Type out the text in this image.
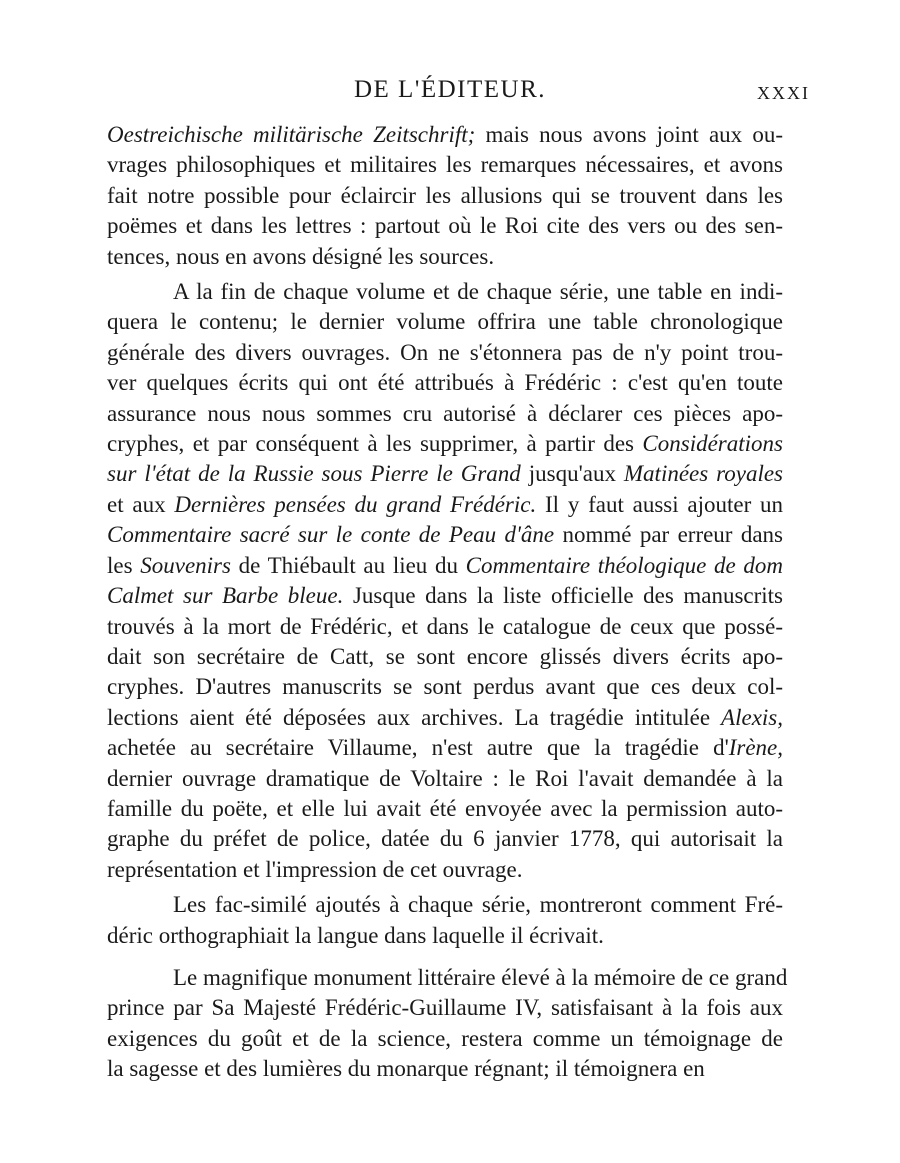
DE L'ÉDITEUR.	XXXI

Oestreichische militärische Zeitschrift; mais nous avons joint aux ou-
vrages philosophiques et militaires les remarques nécessaires, et avons
fait notre possible pour éclaircir les allusions qui se trouvent dans les
poëmes et dans les lettres : partout où le Roi cite des vers ou des sen-
tences, nous en avons désigné les sources.

A la fin de chaque volume et de chaque série, une table en indi-
quera le contenu; le dernier volume offrira une table chronologique
générale des divers ouvrages. On ne s'étonnera pas de n'y point trou-
ver quelques écrits qui ont été attribués à Frédéric : c'est qu'en toute
assurance nous nous sommes cru autorisé à déclarer ces pièces apo-
cryphes, et par conséquent à les supprimer, à partir des Considérations
sur l'état de la Russie sous Pierre le Grand jusqu'aux Matinées royales
et aux Dernières pensées du grand Frédéric. Il y faut aussi ajouter un
Commentaire sacré sur le conte de Peau d'âne nommé par erreur dans
les Souvenirs de Thiébault au lieu du Commentaire théologique de dom
Calmet sur Barbe bleue. Jusque dans la liste officielle des manuscrits
trouvés à la mort de Frédéric, et dans le catalogue de ceux que possé-
dait son secrétaire de Catt, se sont encore glissés divers écrits apo-
cryphes. D'autres manuscrits se sont perdus avant que ces deux col-
lections aient été déposées aux archives. La tragédie intitulée Alexis,
achetée au secrétaire Villaume, n'est autre que la tragédie d'Irène,
dernier ouvrage dramatique de Voltaire : le Roi l'avait demandée à la
famille du poëte, et elle lui avait été envoyée avec la permission auto-
graphe du préfet de police, datée du 6 janvier 1778, qui autorisait la
représentation et l'impression de cet ouvrage.

Les fac-similé ajoutés à chaque série, montreront comment Fré-
déric orthographiait la langue dans laquelle il écrivait.

Le magnifique monument littéraire élevé à la mémoire de ce grand
prince par Sa Majesté Frédéric-Guillaume IV, satisfaisant à la fois aux
exigences du goût et de la science, restera comme un témoignage de
la sagesse et des lumières du monarque régnant; il témoignera en
